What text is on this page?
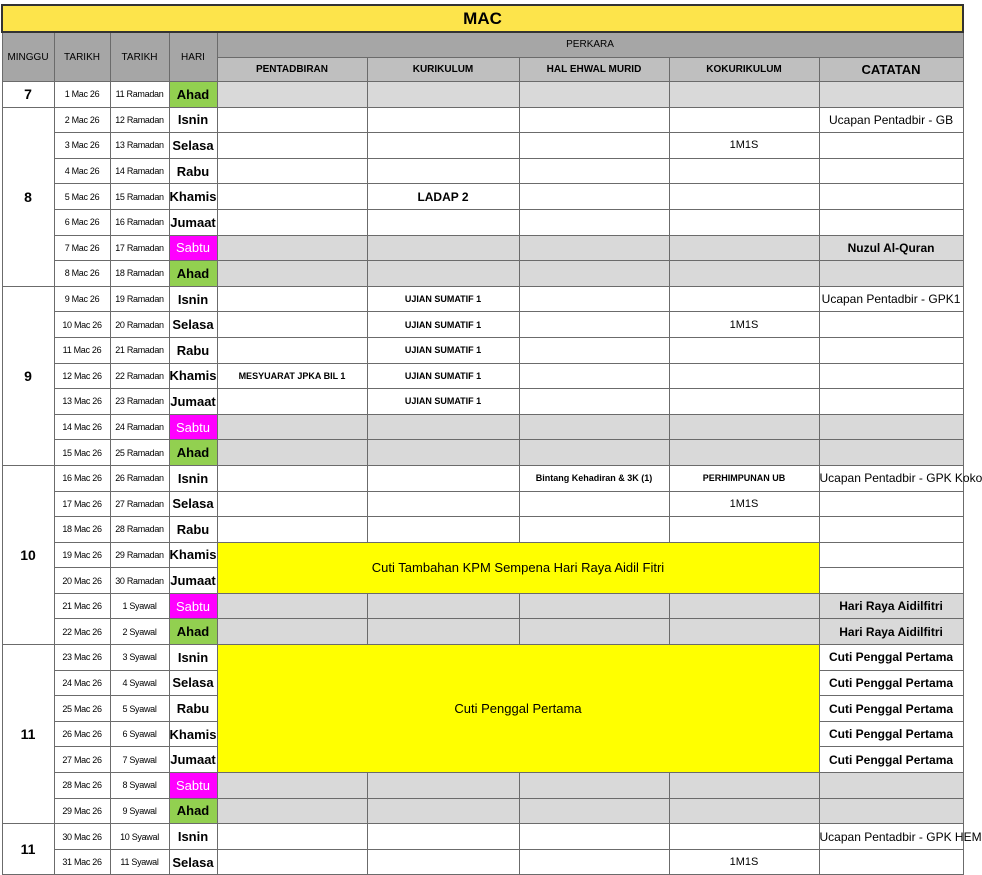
MAC								
MINGGU	TARIKH	TARIKH	HARI	PERKARA				
				PENTADBIRAN	KURIKULUM	HAL EHWAL MURID	KOKURIKULUM	CATATAN
7	1 Mac 26	11 Ramadan	Ahad					
8	2 Mac 26	12 Ramadan	Isnin					Ucapan Pentadbir - GB
	3 Mac 26	13 Ramadan	Selasa				1M1S	
	4 Mac 26	14 Ramadan	Rabu					
	5 Mac 26	15 Ramadan	Khamis		LADAP 2			
	6 Mac 26	16 Ramadan	Jumaat					
	7 Mac 26	17 Ramadan	Sabtu					Nuzul Al-Quran
	8 Mac 26	18 Ramadan	Ahad					
9	9 Mac 26	19 Ramadan	Isnin		UJIAN SUMATIF 1			Ucapan Pentadbir - GPK1
	10 Mac 26	20 Ramadan	Selasa		UJIAN SUMATIF 1		1M1S	
	11 Mac 26	21 Ramadan	Rabu		UJIAN SUMATIF 1			
	12 Mac 26	22 Ramadan	Khamis	MESYUARAT JPKA BIL 1	UJIAN SUMATIF 1			
	13 Mac 26	23 Ramadan	Jumaat		UJIAN SUMATIF 1			
	14 Mac 26	24 Ramadan	Sabtu					
	15 Mac 26	25 Ramadan	Ahad					
10	16 Mac 26	26 Ramadan	Isnin			Bintang Kehadiran & 3K (1)	PERHIMPUNAN UB	Ucapan Pentadbir - GPK Koko
	17 Mac 26	27 Ramadan	Selasa				1M1S	
	18 Mac 26	28 Ramadan	Rabu					
	19 Mac 26	29 Ramadan	Khamis	Cuti Tambahan KPM Sempena Hari Raya Aidil Fitri				
	20 Mac 26	30 Ramadan	Jumaat					
	21 Mac 26	1 Syawal	Sabtu					Hari Raya Aidilfitri
	22 Mac 26	2 Syawal	Ahad					Hari Raya Aidilfitri
11	23 Mac 26	3 Syawal	Isnin	Cuti Penggal Pertama				Cuti Penggal Pertama
	24 Mac 26	4 Syawal	Selasa					Cuti Penggal Pertama
	25 Mac 26	5 Syawal	Rabu					Cuti Penggal Pertama
	26 Mac 26	6 Syawal	Khamis					Cuti Penggal Pertama
	27 Mac 26	7 Syawal	Jumaat					Cuti Penggal Pertama
	28 Mac 26	8 Syawal	Sabtu					
	29 Mac 26	9 Syawal	Ahad					
11	30 Mac 26	10 Syawal	Isnin					Ucapan Pentadbir - GPK HEM
	31 Mac 26	11 Syawal	Selasa				1M1S	
